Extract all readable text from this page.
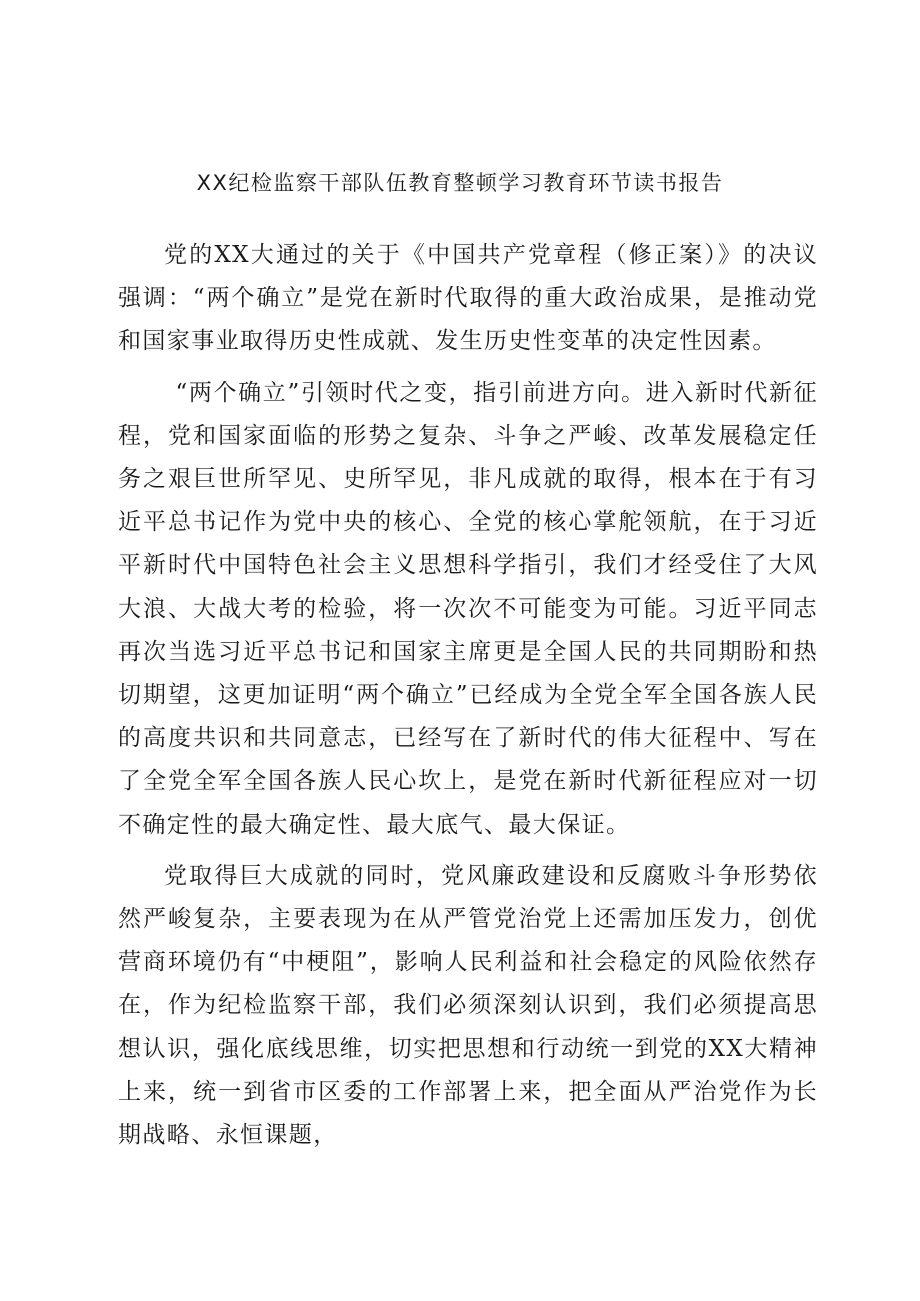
XX纪检监察干部队伍教育整顿学习教育环节读书报告

党的XX大通过的关于《中国共产党章程（修正案）》的决议强调：“两个确立”是党在新时代取得的重大政治成果，是推动党和国家事业取得历史性成就、发生历史性变革的决定性因素。

“两个确立”引领时代之变，指引前进方向。进入新时代新征程，党和国家面临的形势之复杂、斗争之严峻、改革发展稳定任务之艰巨世所罕见、史所罕见，非凡成就的取得，根本在于有习近平总书记作为党中央的核心、全党的核心掌舵领航，在于习近平新时代中国特色社会主义思想科学指引，我们才经受住了大风大浪、大战大考的检验，将一次次不可能变为可能。习近平同志再次当选习近平总书记和国家主席更是全国人民的共同期盼和热切期望，这更加证明“两个确立”已经成为全党全军全国各族人民的高度共识和共同意志，已经写在了新时代的伟大征程中、写在了全党全军全国各族人民心坎上，是党在新时代新征程应对一切不确定性的最大确定性、最大底气、最大保证。

党取得巨大成就的同时，党风廉政建设和反腐败斗争形势依然严峻复杂，主要表现为在从严管党治党上还需加压发力，创优营商环境仍有“中梗阻”，影响人民利益和社会稳定的风险依然存在，作为纪检监察干部，我们必须深刻认识到，我们必须提高思想认识，强化底线思维，切实把思想和行动统一到党的XX大精神上来，统一到省市区委的工作部署上来，把全面从严治党作为长期战略、永恒课题，
